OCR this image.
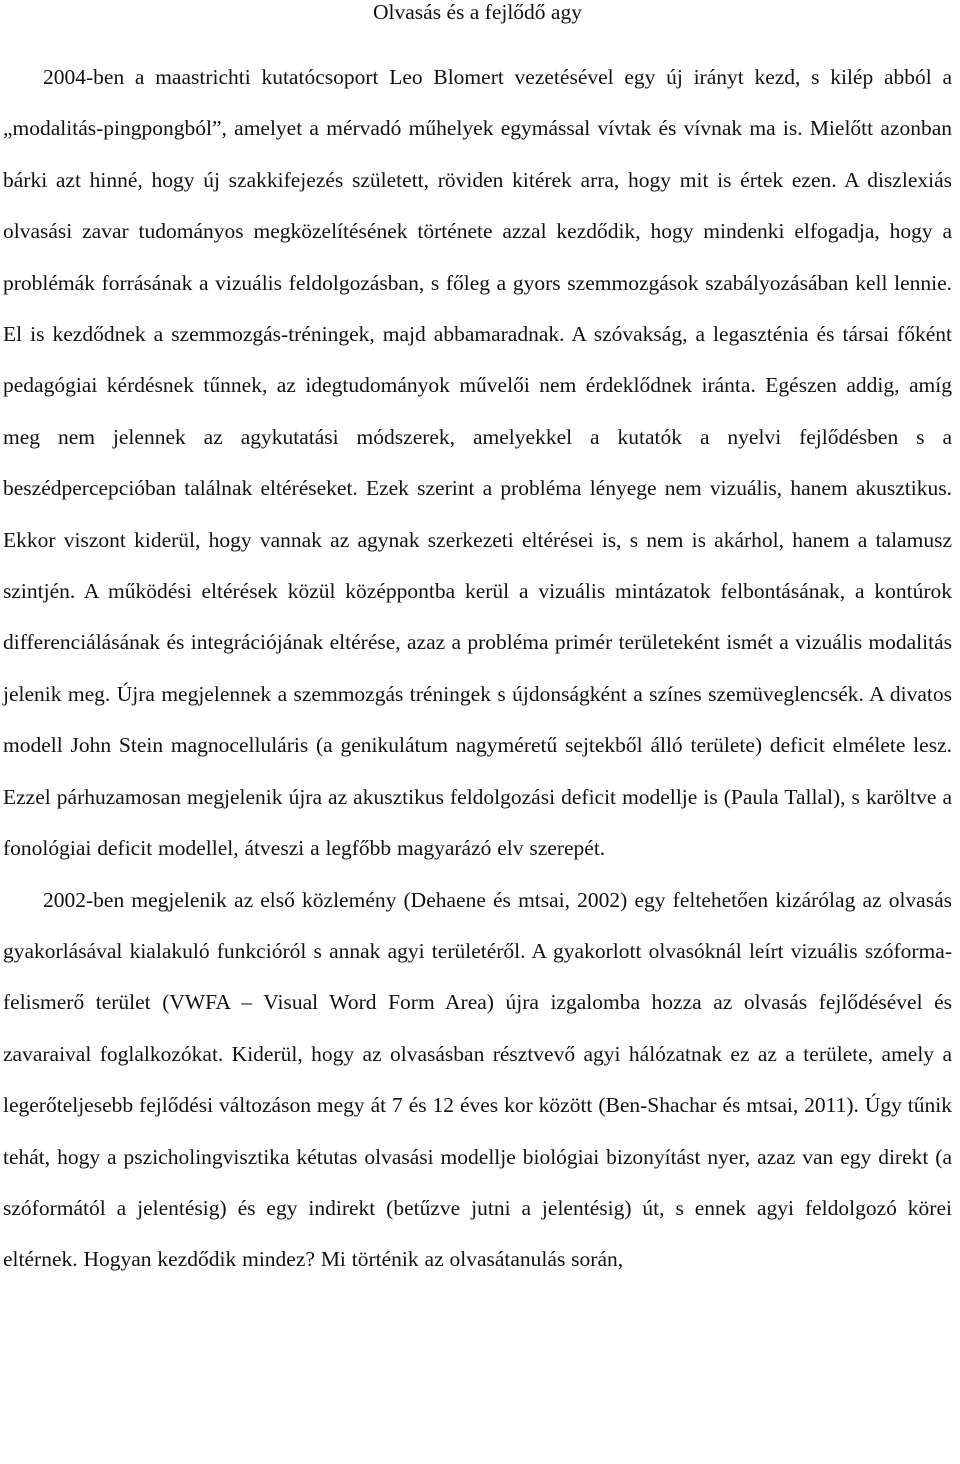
Olvasás és a fejlődő agy

2004-ben a maastrichti kutatócsoport Leo Blomert vezetésével egy új irányt kezd, s kilép abból a „modalitás-pingpongból”, amelyet a mérvadó műhelyek egymással vívtak és vívnak ma is. Mielőtt azonban bárki azt hinné, hogy új szakkifejezés született, röviden kitérek arra, hogy mit is értek ezen. A diszlexiás olvasási zavar tudományos megközelítésének története azzal kezdődik, hogy mindenki elfogadja, hogy a problémák forrásának a vizuális feldolgozásban, s főleg a gyors szemmozgások szabályozásában kell lennie. El is kezdődnek a szemmozgás-tréningek, majd abbamaradnak. A szóvakság, a legaszténia és társai főként pedagógiai kérdésnek tűnnek, az idegtudományok művelői nem érdeklődnek iránta. Egészen addig, amíg meg nem jelennek az agykutatási módszerek, amelyekkel a kutatók a nyelvi fejlődésben s a beszédpercepcióban találnak eltéréseket. Ezek szerint a probléma lényege nem vizuális, hanem akusztikus. Ekkor viszont kiderül, hogy vannak az agynak szerkezeti eltérései is, s nem is akárhol, hanem a talamusz szintjén. A működési eltérések közül középpontba kerül a vizuális mintázatok felbontásának, a kontúrok differenciálásának és integrációjának eltérése, azaz a probléma primér területeként ismét a vizuális modalitás jelenik meg. Újra megjelennek a szemmozgás tréningek s újdonságként a színes szemüveglencsék. A divatos modell John Stein magnocelluláris (a genikulátum nagyméretű sejtekből álló területe) deficit elmélete lesz. Ezzel párhuzamosan megjelenik újra az akusztikus feldolgozási deficit modellje is (Paula Tallal), s karöltve a fonológiai deficit modellel, átveszi a legfőbb magyarázó elv szerepét.

2002-ben megjelenik az első közlemény (Dehaene és mtsai, 2002) egy feltehetően kizárólag az olvasás gyakorlásával kialakuló funkcióról s annak agyi területéről. A gyakorlott olvasóknál leírt vizuális szóforma-felismerő terület (VWFA ‒ Visual Word Form Area) újra izgalomba hozza az olvasás fejlődésével és zavaraival foglalkozókat. Kiderül, hogy az olvasásban résztvevő agyi hálózatnak ez az a területe, amely a legerőteljesebb fejlődési változáson megy át 7 és 12 éves kor között (Ben-Shachar és mtsai, 2011). Úgy tűnik tehát, hogy a pszicholingvisztika kétutas olvasási modellje biológiai bizonyítást nyer, azaz van egy direkt (a szóformától a jelentésig) és egy indirekt (betűzve jutni a jelentésig) út, s ennek agyi feldolgozó körei eltérnek. Hogyan kezdődik mindez? Mi történik az olvasátanulás során,
